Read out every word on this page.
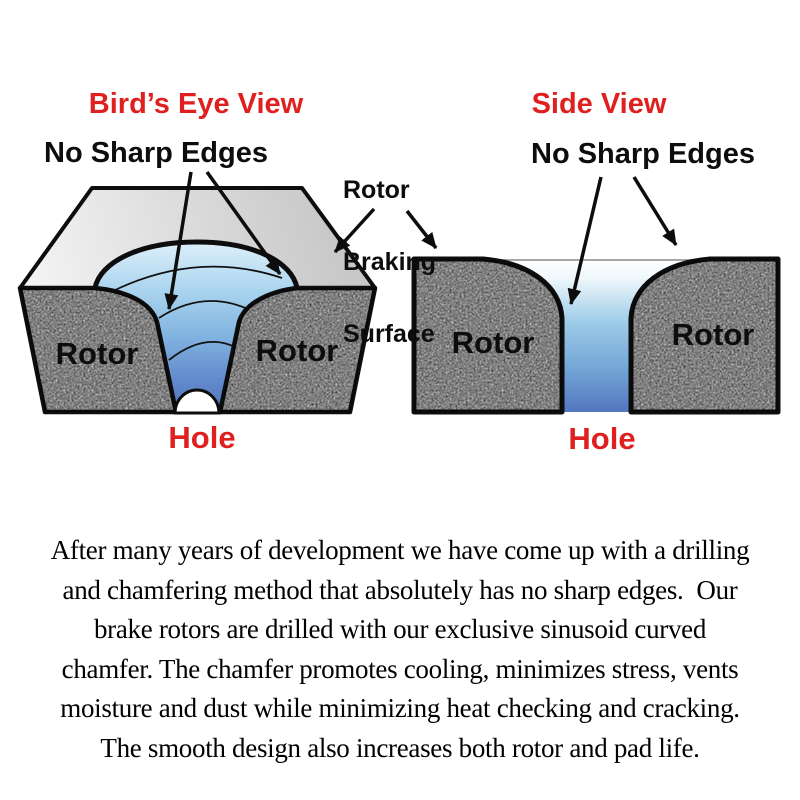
Bird’s Eye View	Side View
No Sharp Edges	No Sharp Edges

Rotor

Braking

Surface

Rotor	Rotor	Rotor	Rotor
Hole	Hole
After many years of development we have come up with a drilling
and chamfering method that absolutely has no sharp edges.  Our
brake rotors are drilled with our exclusive sinusoid curved
chamfer. The chamfer promotes cooling, minimizes stress, vents
moisture and dust while minimizing heat checking and cracking.
The smooth design also increases both rotor and pad life.
